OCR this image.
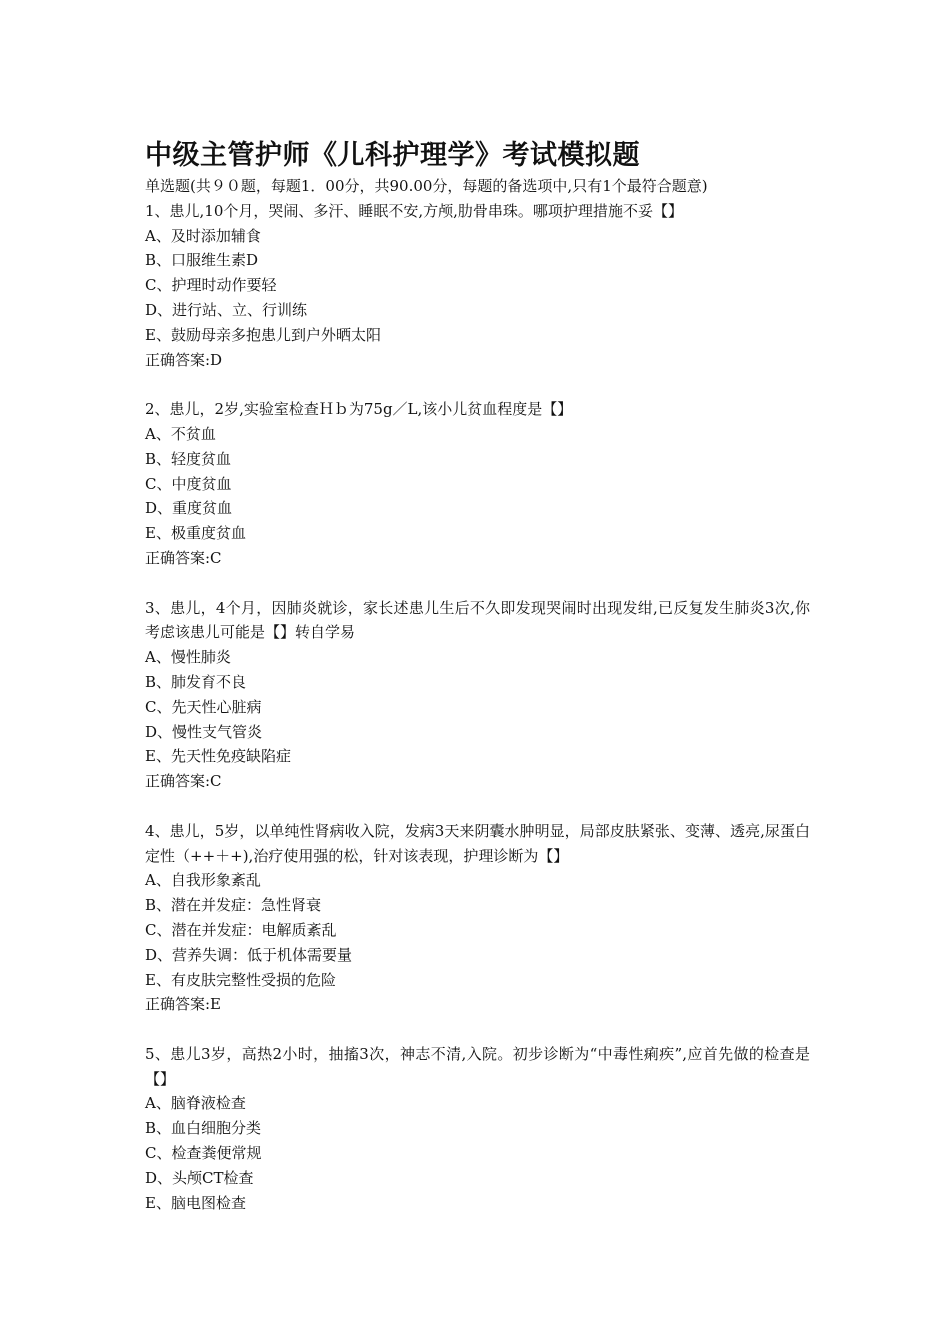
中级主管护师《儿科护理学》考试模拟题
单选题(共９０题，每题1．00分，共90.00分，每题的备选项中,只有1个最符合题意)
1、患儿,10个月，哭闹、多汗、睡眠不安,方颅,肋骨串珠。哪项护理措施不妥【】
A、及时添加辅食
B、口服维生素D
C、护理时动作要轻
D、进行站、立、行训练
E、鼓励母亲多抱患儿到户外晒太阳
正确答案:D
2、患儿，2岁,实验室检查Ｈｂ为75g／L,该小儿贫血程度是【】
A、不贫血
B、轻度贫血
C、中度贫血
D、重度贫血
E、极重度贫血
正确答案:C
3、患儿，4个月，因肺炎就诊，家长述患儿生后不久即发现哭闹时出现发绀,已反复发生肺炎3次,你考虑该患儿可能是【】转自学易
A、慢性肺炎
B、肺发育不良
C、先天性心脏病
D、慢性支气管炎
E、先天性免疫缺陷症
正确答案:C
4、患儿，5岁，以单纯性肾病收入院，发病3天来阴囊水肿明显，局部皮肤紧张、变薄、透亮,尿蛋白定性（++＋+),治疗使用强的松，针对该表现，护理诊断为【】
A、自我形象紊乱
B、潜在并发症：急性肾衰
C、潜在并发症：电解质紊乱
D、营养失调：低于机体需要量
E、有皮肤完整性受损的危险
正确答案:E
5、患儿3岁，高热2小时，抽搐3次，神志不清,入院。初步诊断为“中毒性痢疾”,应首先做的检查是【】
A、脑脊液检查
B、血白细胞分类
C、检查粪便常规
D、头颅CT检查
E、脑电图检查
